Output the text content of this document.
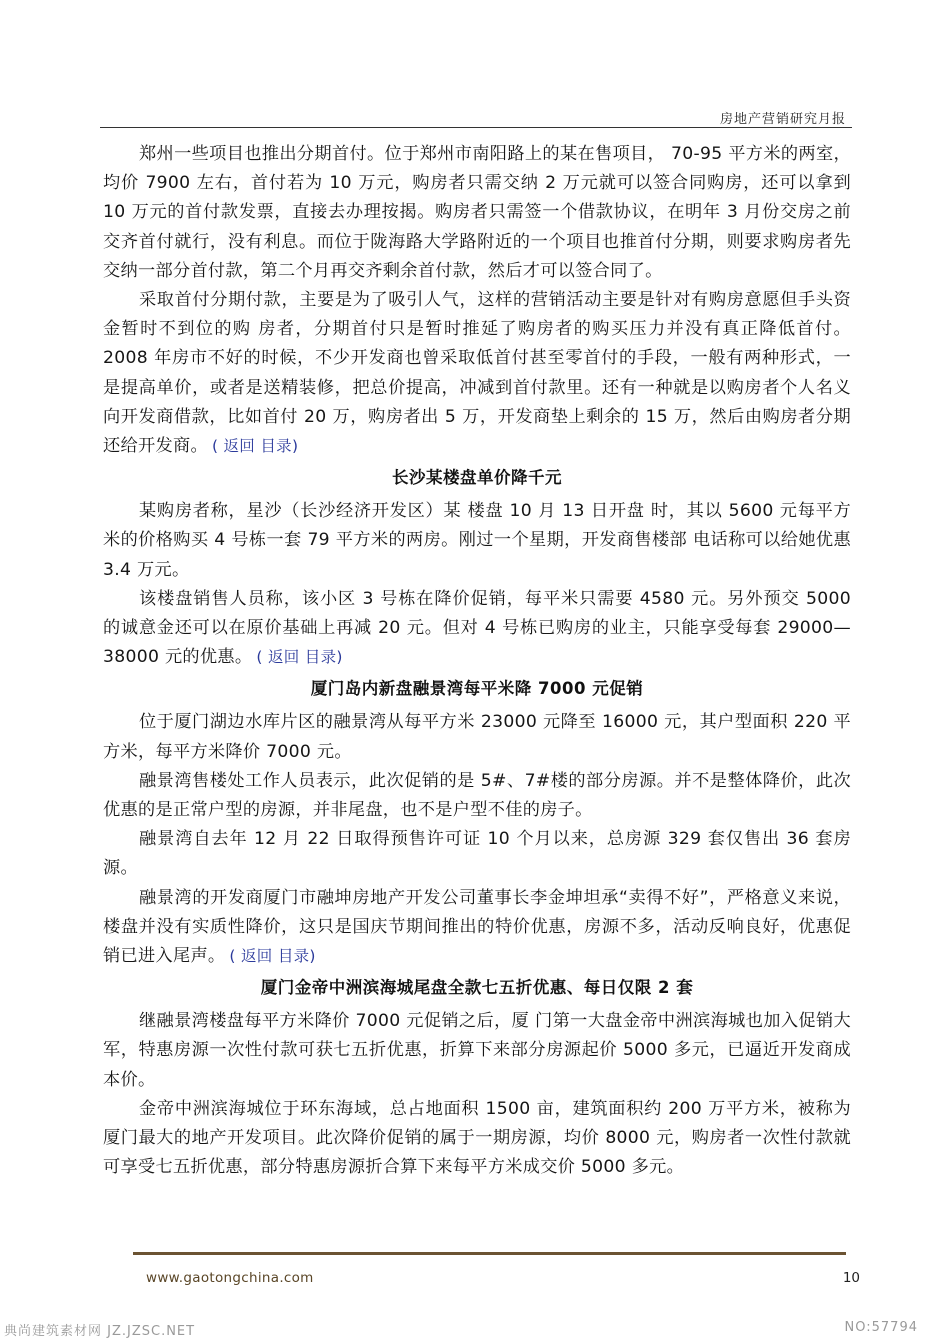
房地产营销研究月报

郑州一些项目也推出分期首付。位于郑州市南阳路上的某在售项目， 70-95 平方米的两室，均价 7900 左右，首付若为 10 万元，购房者只需交纳 2 万元就可以签合同购房，还可以拿到 10 万元的首付款发票，直接去办理按揭。购房者只需签一个借款协议，在明年 3 月份交房之前交齐首付就行，没有利息。而位于陇海路大学路附近的一个项目也推首付分期，则要求购房者先交纳一部分首付款，第二个月再交齐剩余首付款，然后才可以签合同了。

采取首付分期付款，主要是为了吸引人气，这样的营销活动主要是针对有购房意愿但手头资金暂时不到位的购 房者，分期首付只是暂时推延了购房者的购买压力并没有真正降低首付。2008 年房市不好的时候，不少开发商也曾采取低首付甚至零首付的手段，一般有两种形式，一是提高单价，或者是送精装修，把总价提高，冲减到首付款里。还有一种就是以购房者个人名义向开发商借款，比如首付 20 万，购房者出 5 万，开发商垫上剩余的 15 万，然后由购房者分期还给开发商。 ( 返回 目录)

长沙某楼盘单价降千元

某购房者称，星沙（长沙经济开发区）某 楼盘 10 月 13 日开盘 时，其以 5600 元每平方米的价格购买 4 号栋一套 79 平方米的两房。刚过一个星期，开发商售楼部 电话称可以给她优惠 3.4 万元。

该楼盘销售人员称，该小区 3 号栋在降价促销，每平米只需要 4580 元。另外预交 5000 的诚意金还可以在原价基础上再减 20 元。但对 4 号栋已购房的业主，只能享受每套 29000—38000 元的优惠。 ( 返回 目录)

厦门岛内新盘融景湾每平米降 7000 元促销

位于厦门湖边水库片区的融景湾从每平方米 23000 元降至 16000 元，其户型面积 220 平方米，每平方米降价 7000 元。

融景湾售楼处工作人员表示，此次促销的是 5#、7#楼的部分房源。并不是整体降价，此次优惠的是正常户型的房源，并非尾盘，也不是户型不佳的房子。

融景湾自去年 12 月 22 日取得预售许可证 10 个月以来，总房源 329 套仅售出 36 套房源。

融景湾的开发商厦门市融坤房地产开发公司董事长李金坤坦承“卖得不好”，严格意义来说，楼盘并没有实质性降价，这只是国庆节期间推出的特价优惠，房源不多，活动反响良好，优惠促销已进入尾声。 ( 返回 目录)

厦门金帝中洲滨海城尾盘全款七五折优惠、每日仅限 2 套

继融景湾楼盘每平方米降价 7000 元促销之后，厦 门第一大盘金帝中洲滨海城也加入促销大军，特惠房源一次性付款可获七五折优惠，折算下来部分房源起价 5000 多元，已逼近开发商成本价。

金帝中洲滨海城位于环东海域，总占地面积 1500 亩，建筑面积约 200 万平方米，被称为厦门最大的地产开发项目。此次降价促销的属于一期房源，均价 8000 元，购房者一次性付款就可享受七五折优惠，部分特惠房源折合算下来每平方米成交价 5000 多元。

www.gaotongchina.com	10
典尚建筑素材网 JZ.JZSC.NET	NO:57794
